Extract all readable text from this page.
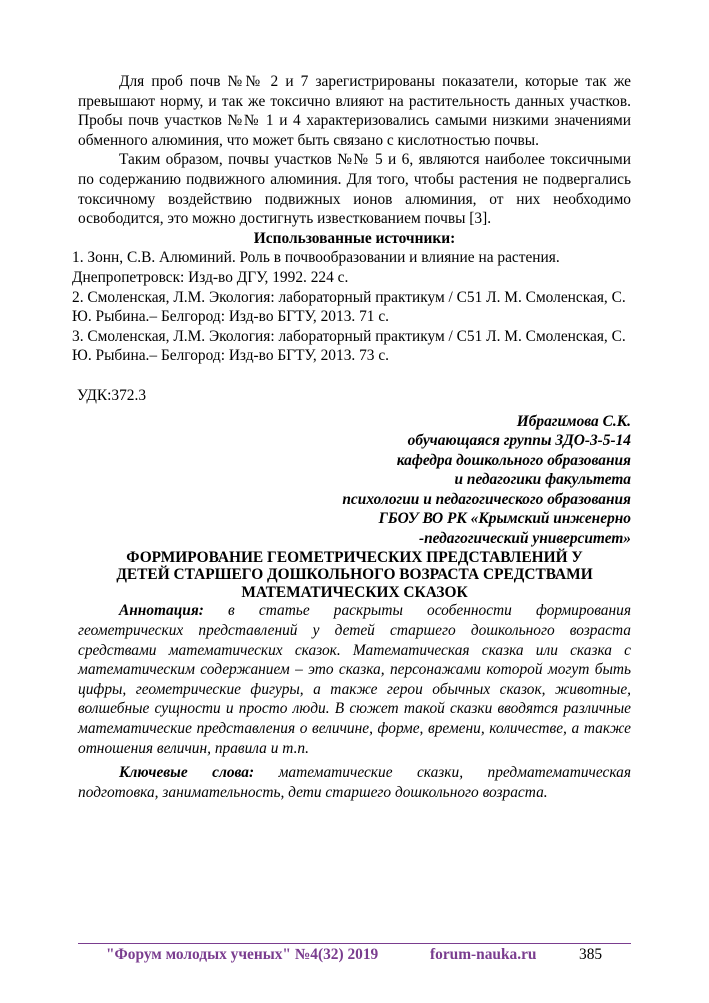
Для проб почв №№ 2 и 7 зарегистрированы показатели, которые так же превышают норму, и так же токсично влияют на растительность данных участков. Пробы почв участков №№ 1 и 4 характеризовались самыми низкими значениями обменного алюминия, что может быть связано с кислотностью почвы.

Таким образом, почвы участков №№ 5 и 6, являются наиболее токсичными по содержанию подвижного алюминия. Для того, чтобы растения не подвергались токсичному воздействию подвижных ионов алюминия, от них необходимо освободится, это можно достигнуть известкованием почвы [3].

Использованные источники:

1. Зонн, С.В. Алюминий. Роль в почвообразовании и влияние на растения. Днепропетровск: Изд-во ДГУ, 1992. 224 с.

2. Смоленская, Л.М. Экология: лабораторный практикум / С51 Л. М. Смоленская, С. Ю. Рыбина.– Белгород: Изд-во БГТУ, 2013. 71 с.

3. Смоленская, Л.М. Экология: лабораторный практикум / С51 Л. М. Смоленская, С. Ю. Рыбина.– Белгород: Изд-во БГТУ, 2013. 73 с.

УДК:372.3

Ибрагимова С.К.

обучающаяся группы ЗДО-3-5-14

кафедра дошкольного образования

и педагогики факультета

психологии и педагогического образования

ГБОУ ВО РК «Крымский инженерно

-педагогический университет»

ФОРМИРОВАНИЕ ГЕОМЕТРИЧЕСКИХ ПРЕДСТАВЛЕНИЙ У

ДЕТЕЙ СТАРШЕГО ДОШКОЛЬНОГО ВОЗРАСТА СРЕДСТВАМИ

МАТЕМАТИЧЕСКИХ СКАЗОК

Аннотация: в статье раскрыты особенности формирования геометрических представлений у детей старшего дошкольного возраста средствами математических сказок. Математическая сказка или сказка с математическим содержанием – это сказка, персонажами которой могут быть цифры, геометрические фигуры, а также герои обычных сказок, животные, волшебные сущности и просто люди. В сюжет такой сказки вводятся различные математические представления о величине, форме, времени, количестве, а также отношения величин, правила и т.п.

Ключевые слова: математические сказки, предматематическая подготовка, занимательность, дети старшего дошкольного возраста.

"Форум молодых ученых" №4(32) 2019	forum-nauka.ru	385
